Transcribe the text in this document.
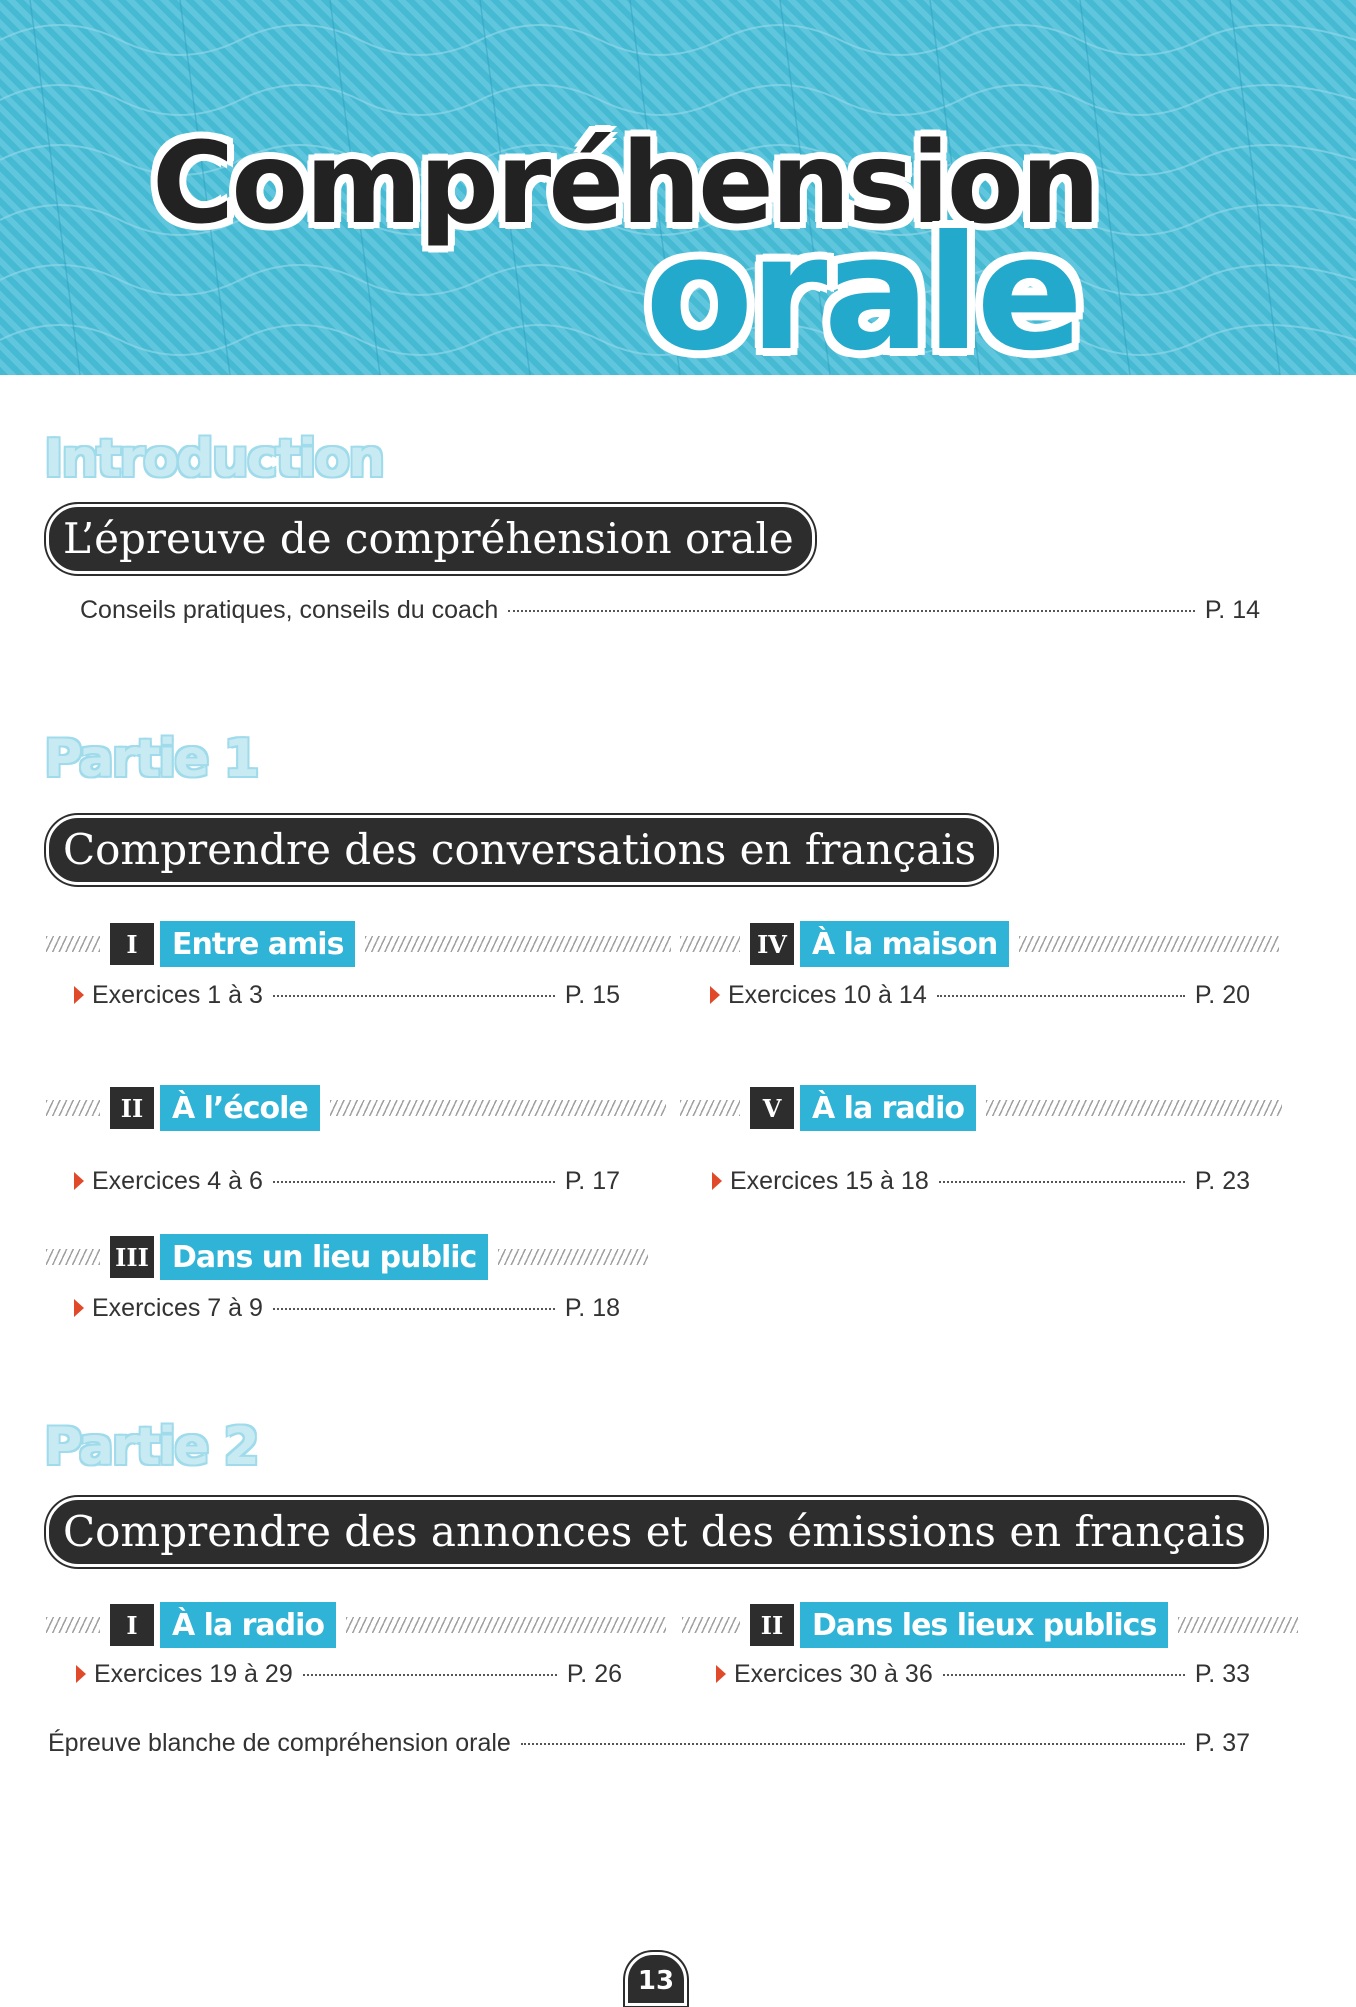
Compréhension
orale
Introduction
L’épreuve de compréhension orale
Conseils pratiques, conseils du coach	P. 14
Partie 1
Comprendre des conversations en français
I	Entre amis
Exercices 1 à 3	P. 15
II À l’école
Exercices 4 à 6	P. 17
III Dans un lieu public
Exercices 7 à 9	P. 18
IV À la maison
Exercices 10 à 14	P. 20
V	À la radio
Exercices 15 à 18	P. 23
Partie 2
Comprendre des annonces et des émissions en français
I	À la radio
Exercices 19 à 29	P. 26
II Dans les lieux publics
Exercices 30 à 36	P. 33
Épreuve blanche de compréhension orale	P. 37
13
